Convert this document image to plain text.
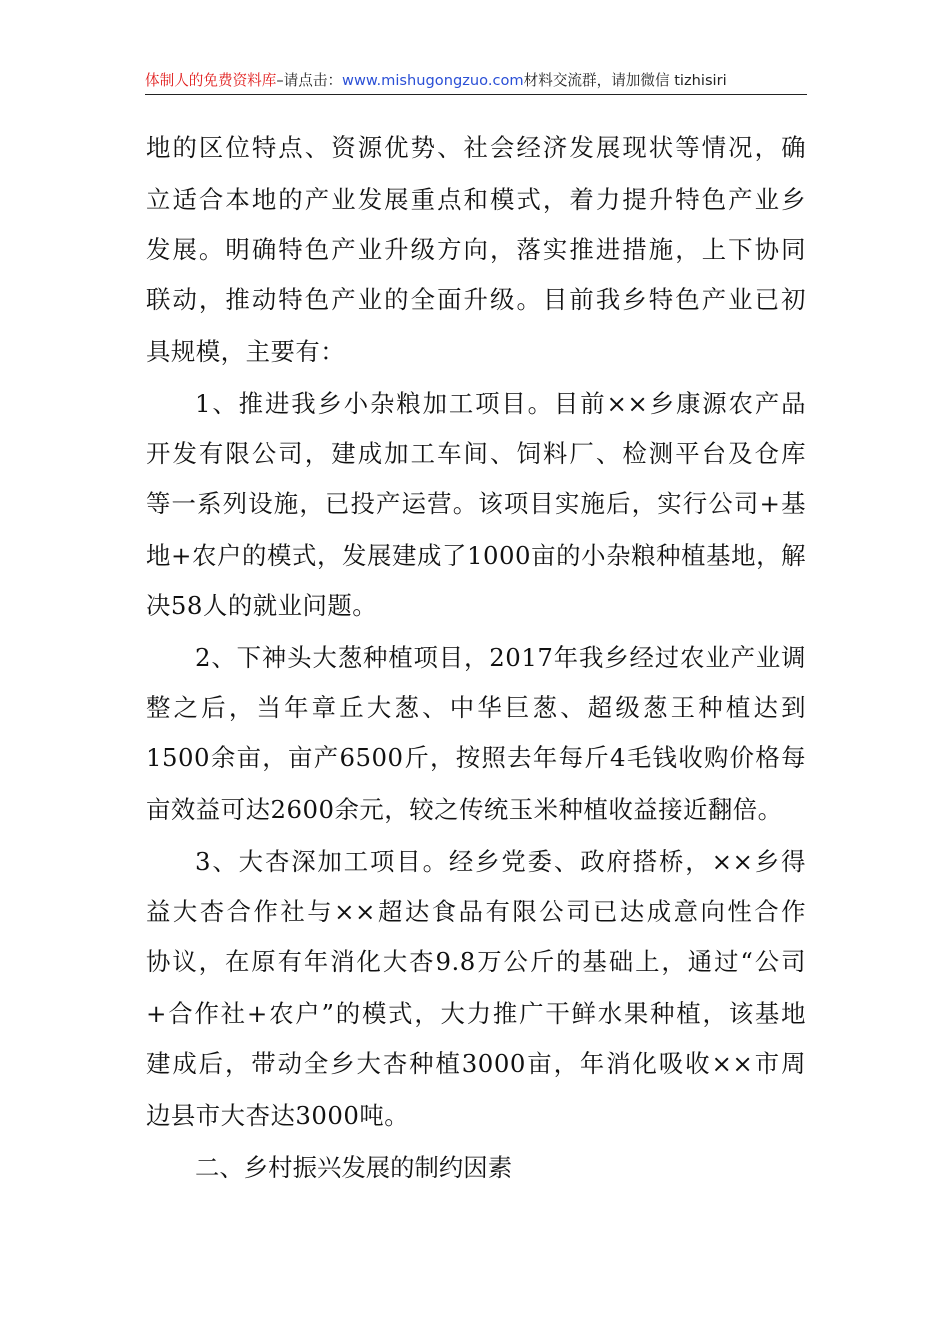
体制人的免费资料库–请点击：www.mishugongzuo.com材料交流群，请加微信 tizhisiri
地的区位特点、资源优势、社会经济发展现状等情况，确
立适合本地的产业发展重点和模式，着力提升特色产业乡
发展。明确特色产业升级方向，落实推进措施，上下协同
联动，推动特色产业的全面升级。目前我乡特色产业已初
具规模，主要有：
1、推进我乡小杂粮加工项目。目前××乡康源农产品
开发有限公司，建成加工车间、饲料厂、检测平台及仓库
等一系列设施，已投产运营。该项目实施后，实行公司+基
地+农户的模式，发展建成了1000亩的小杂粮种植基地，解
决58人的就业问题。
2、下神头大葱种植项目，2017年我乡经过农业产业调
整之后，当年章丘大葱、中华巨葱、超级葱王种植达到
1500余亩，亩产6500斤，按照去年每斤4毛钱收购价格每
亩效益可达2600余元，较之传统玉米种植收益接近翻倍。
3、大杏深加工项目。经乡党委、政府搭桥，××乡得
益大杏合作社与××超达食品有限公司已达成意向性合作
协议，在原有年消化大杏9.8万公斤的基础上，通过“公司
+合作社+农户”的模式，大力推广干鲜水果种植，该基地
建成后，带动全乡大杏种植3000亩，年消化吸收××市周
边县市大杏达3000吨。
二、乡村振兴发展的制约因素
